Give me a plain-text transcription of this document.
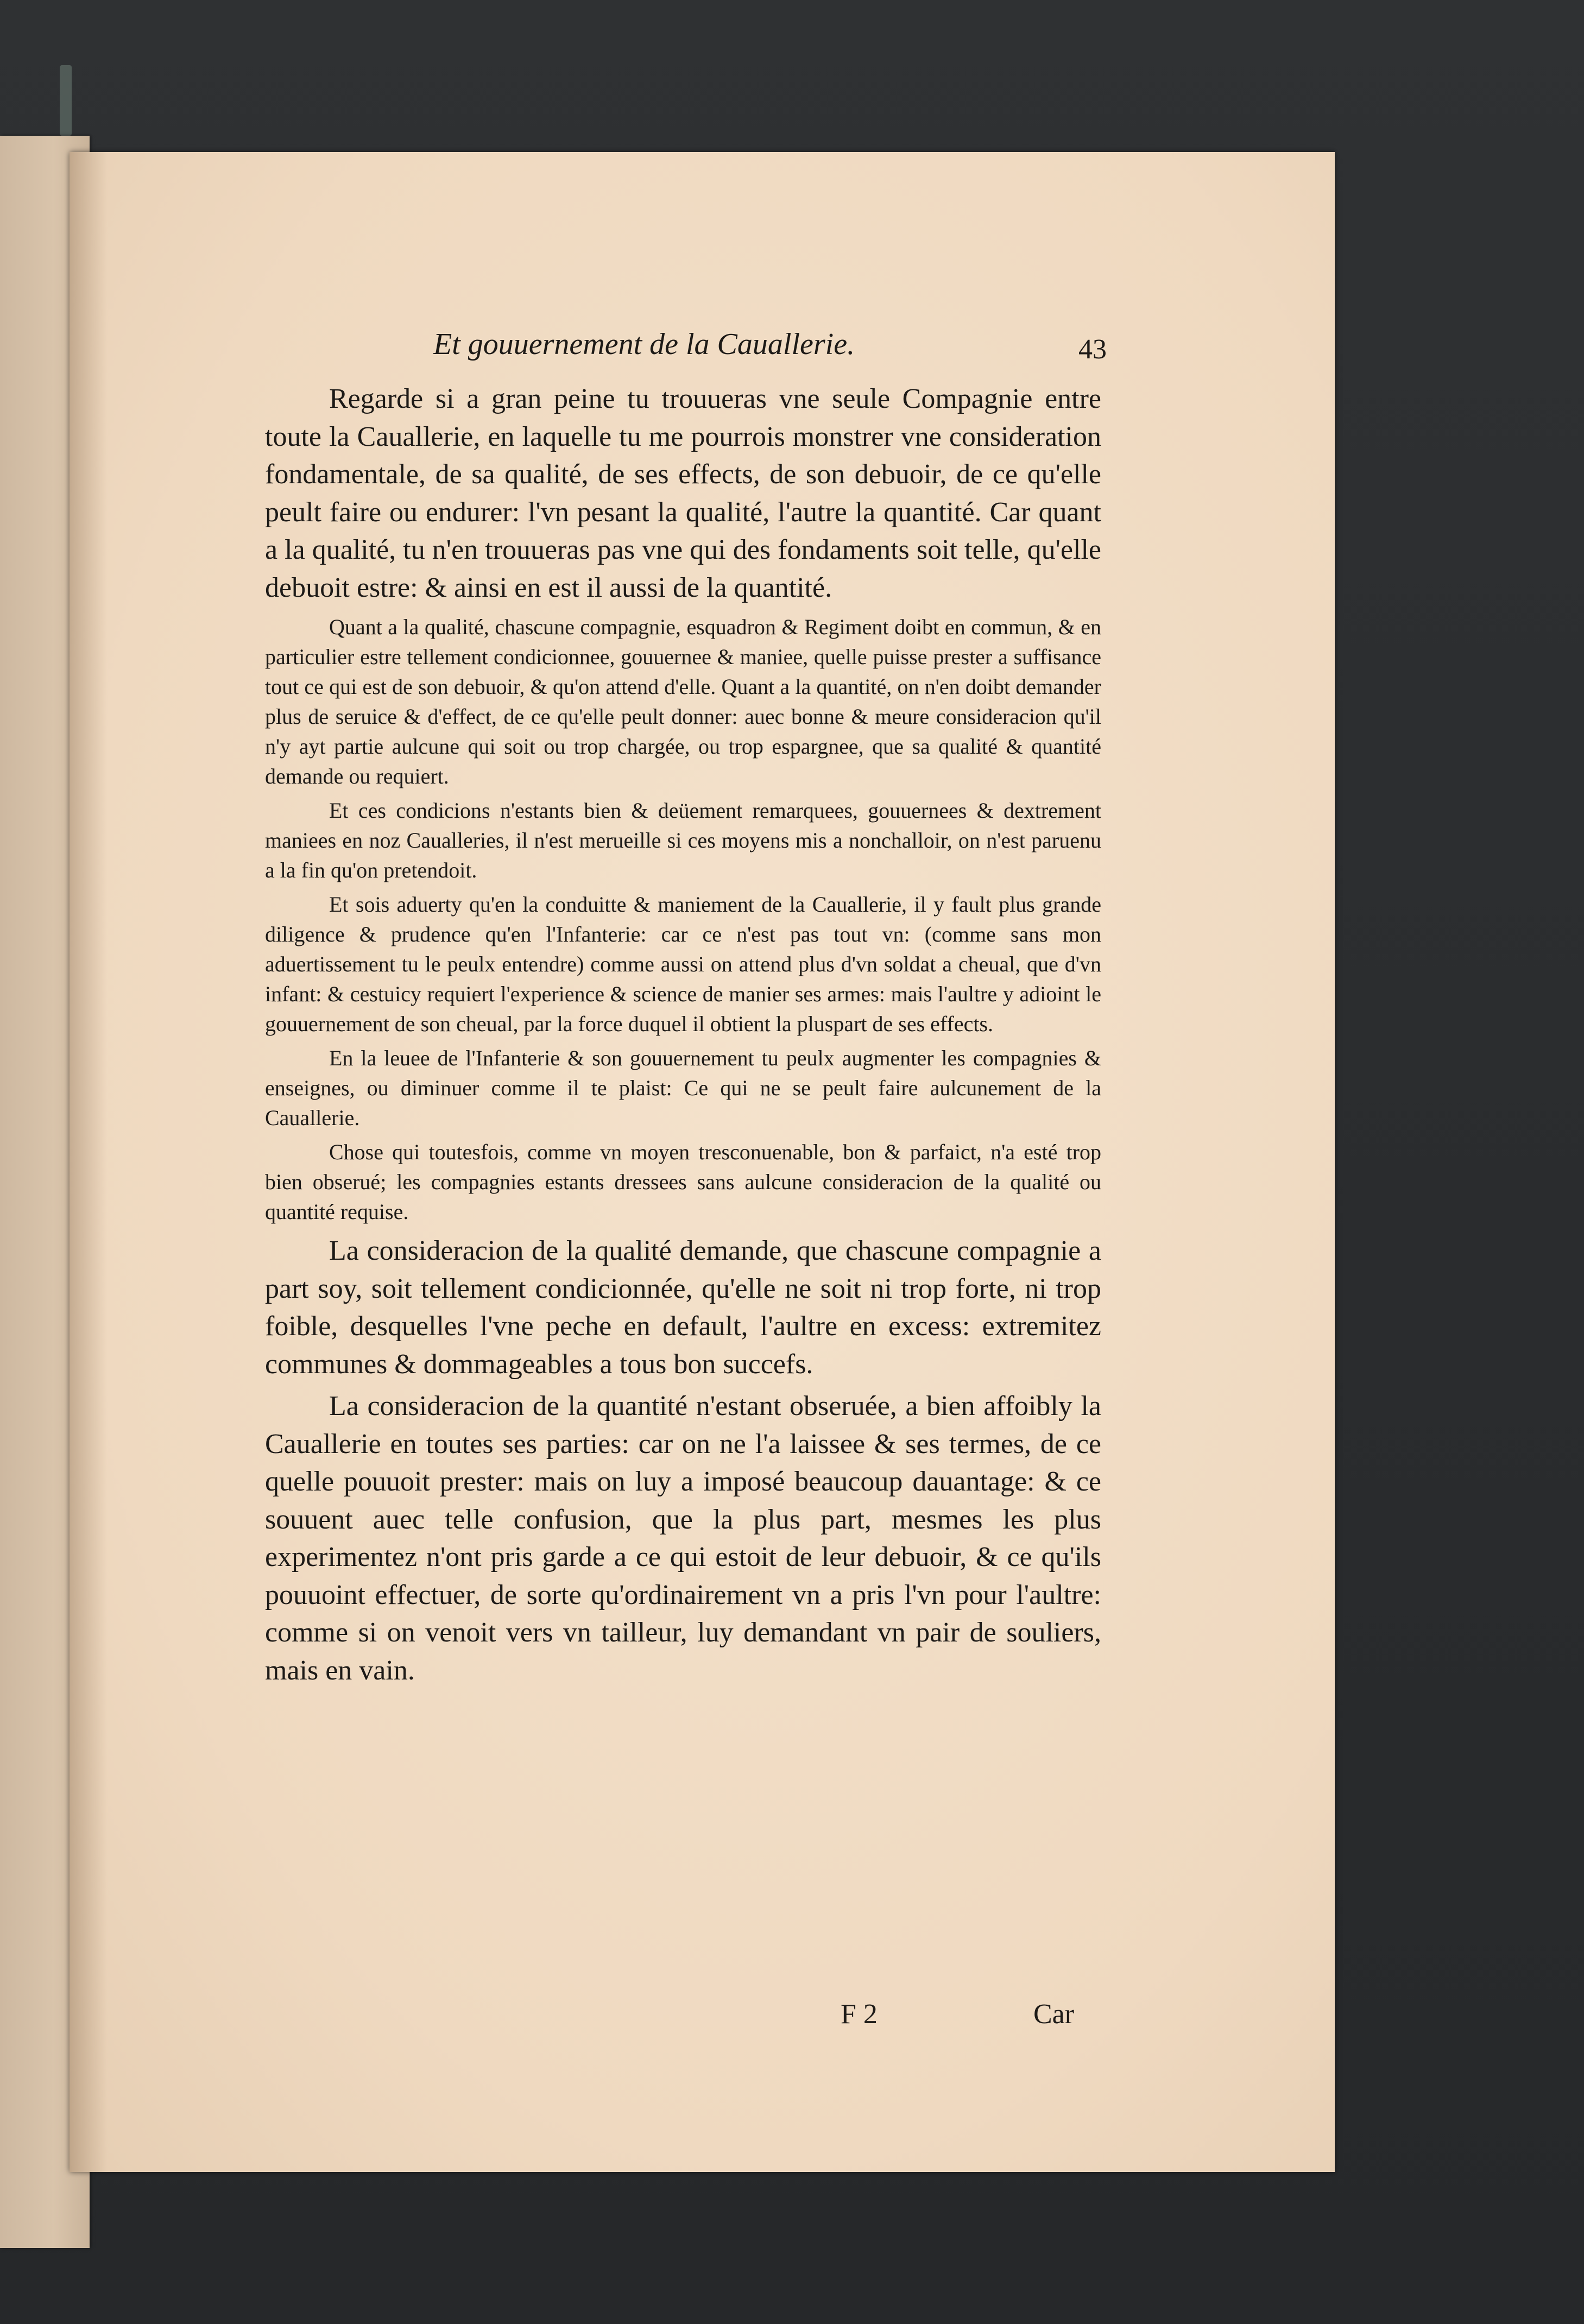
Et gouuernement de la Cauallerie.	43

Regarde si a gran peine tu trouueras vne seule Compagnie entre toute la Cauallerie, en laquelle tu me pourrois monstrer vne consideration fondamentale, de sa qualité, de ses effects, de son debuoir, de ce qu'elle peult faire ou endurer: l'vn pesant la qualité, l'autre la quantité. Car quant a la qualité, tu n'en trouueras pas vne qui des fondaments soit telle, qu'elle debuoit estre: & ainsi en est il aussi de la quantité.

Quant a la qualité, chascune compagnie, esquadron & Regiment doibt en commun, & en particulier estre tellement condicionnee, gouuernee & maniee, quelle puisse prester a suffisance tout ce qui est de son debuoir, & qu'on attend d'elle. Quant a la quantité, on n'en doibt demander plus de seruice & d'effect, de ce qu'elle peult donner: auec bonne & meure consideracion qu'il n'y ayt partie aulcune qui soit ou trop chargée, ou trop espargnee, que sa qualité & quantité demande ou requiert.

Et ces condicions n'estants bien & deüement remarquees, gouuernees & dextrement maniees en noz Caualleries, il n'est merueille si ces moyens mis a nonchalloir, on n'est paruenu a la fin qu'on pretendoit.

Et sois aduerty qu'en la conduitte & maniement de la Cauallerie, il y fault plus grande diligence & prudence qu'en l'Infanterie: car ce n'est pas tout vn: (comme sans mon aduertissement tu le peulx entendre) comme aussi on attend plus d'vn soldat a cheual, que d'vn infant: & cestuicy requiert l'experience & science de manier ses armes: mais l'aultre y adioint le gouuernement de son cheual, par la force duquel il obtient la pluspart de ses effects.

En la leuee de l'Infanterie & son gouuernement tu peulx augmenter les compagnies & enseignes, ou diminuer comme il te plaist: Ce qui ne se peult faire aulcunement de la Cauallerie.

Chose qui toutesfois, comme vn moyen tresconuenable, bon & parfaict, n'a esté trop bien obserué; les compagnies estants dressees sans aulcune consideracion de la qualité ou quantité requise.

La consideracion de la qualité demande, que chascune compagnie a part soy, soit tellement condicionnée, qu'elle ne soit ni trop forte, ni trop foible, desquelles l'vne peche en default, l'aultre en excess: extremitez communes & dommageables a tous bon succefs.

La consideracion de la quantité n'estant obseruée, a bien affoibly la Cauallerie en toutes ses parties: car on ne l'a laissee & ses termes, de ce quelle pouuoit prester: mais on luy a imposé beaucoup dauantage: & ce souuent auec telle confusion, que la plus part, mesmes les plus experimentez n'ont pris garde a ce qui estoit de leur debuoir, & ce qu'ils pouuoint effectuer, de sorte qu'ordinairement vn a pris l'vn pour l'aultre: comme si on venoit vers vn tailleur, luy demandant vn pair de souliers, mais en vain.

F 2	Car
